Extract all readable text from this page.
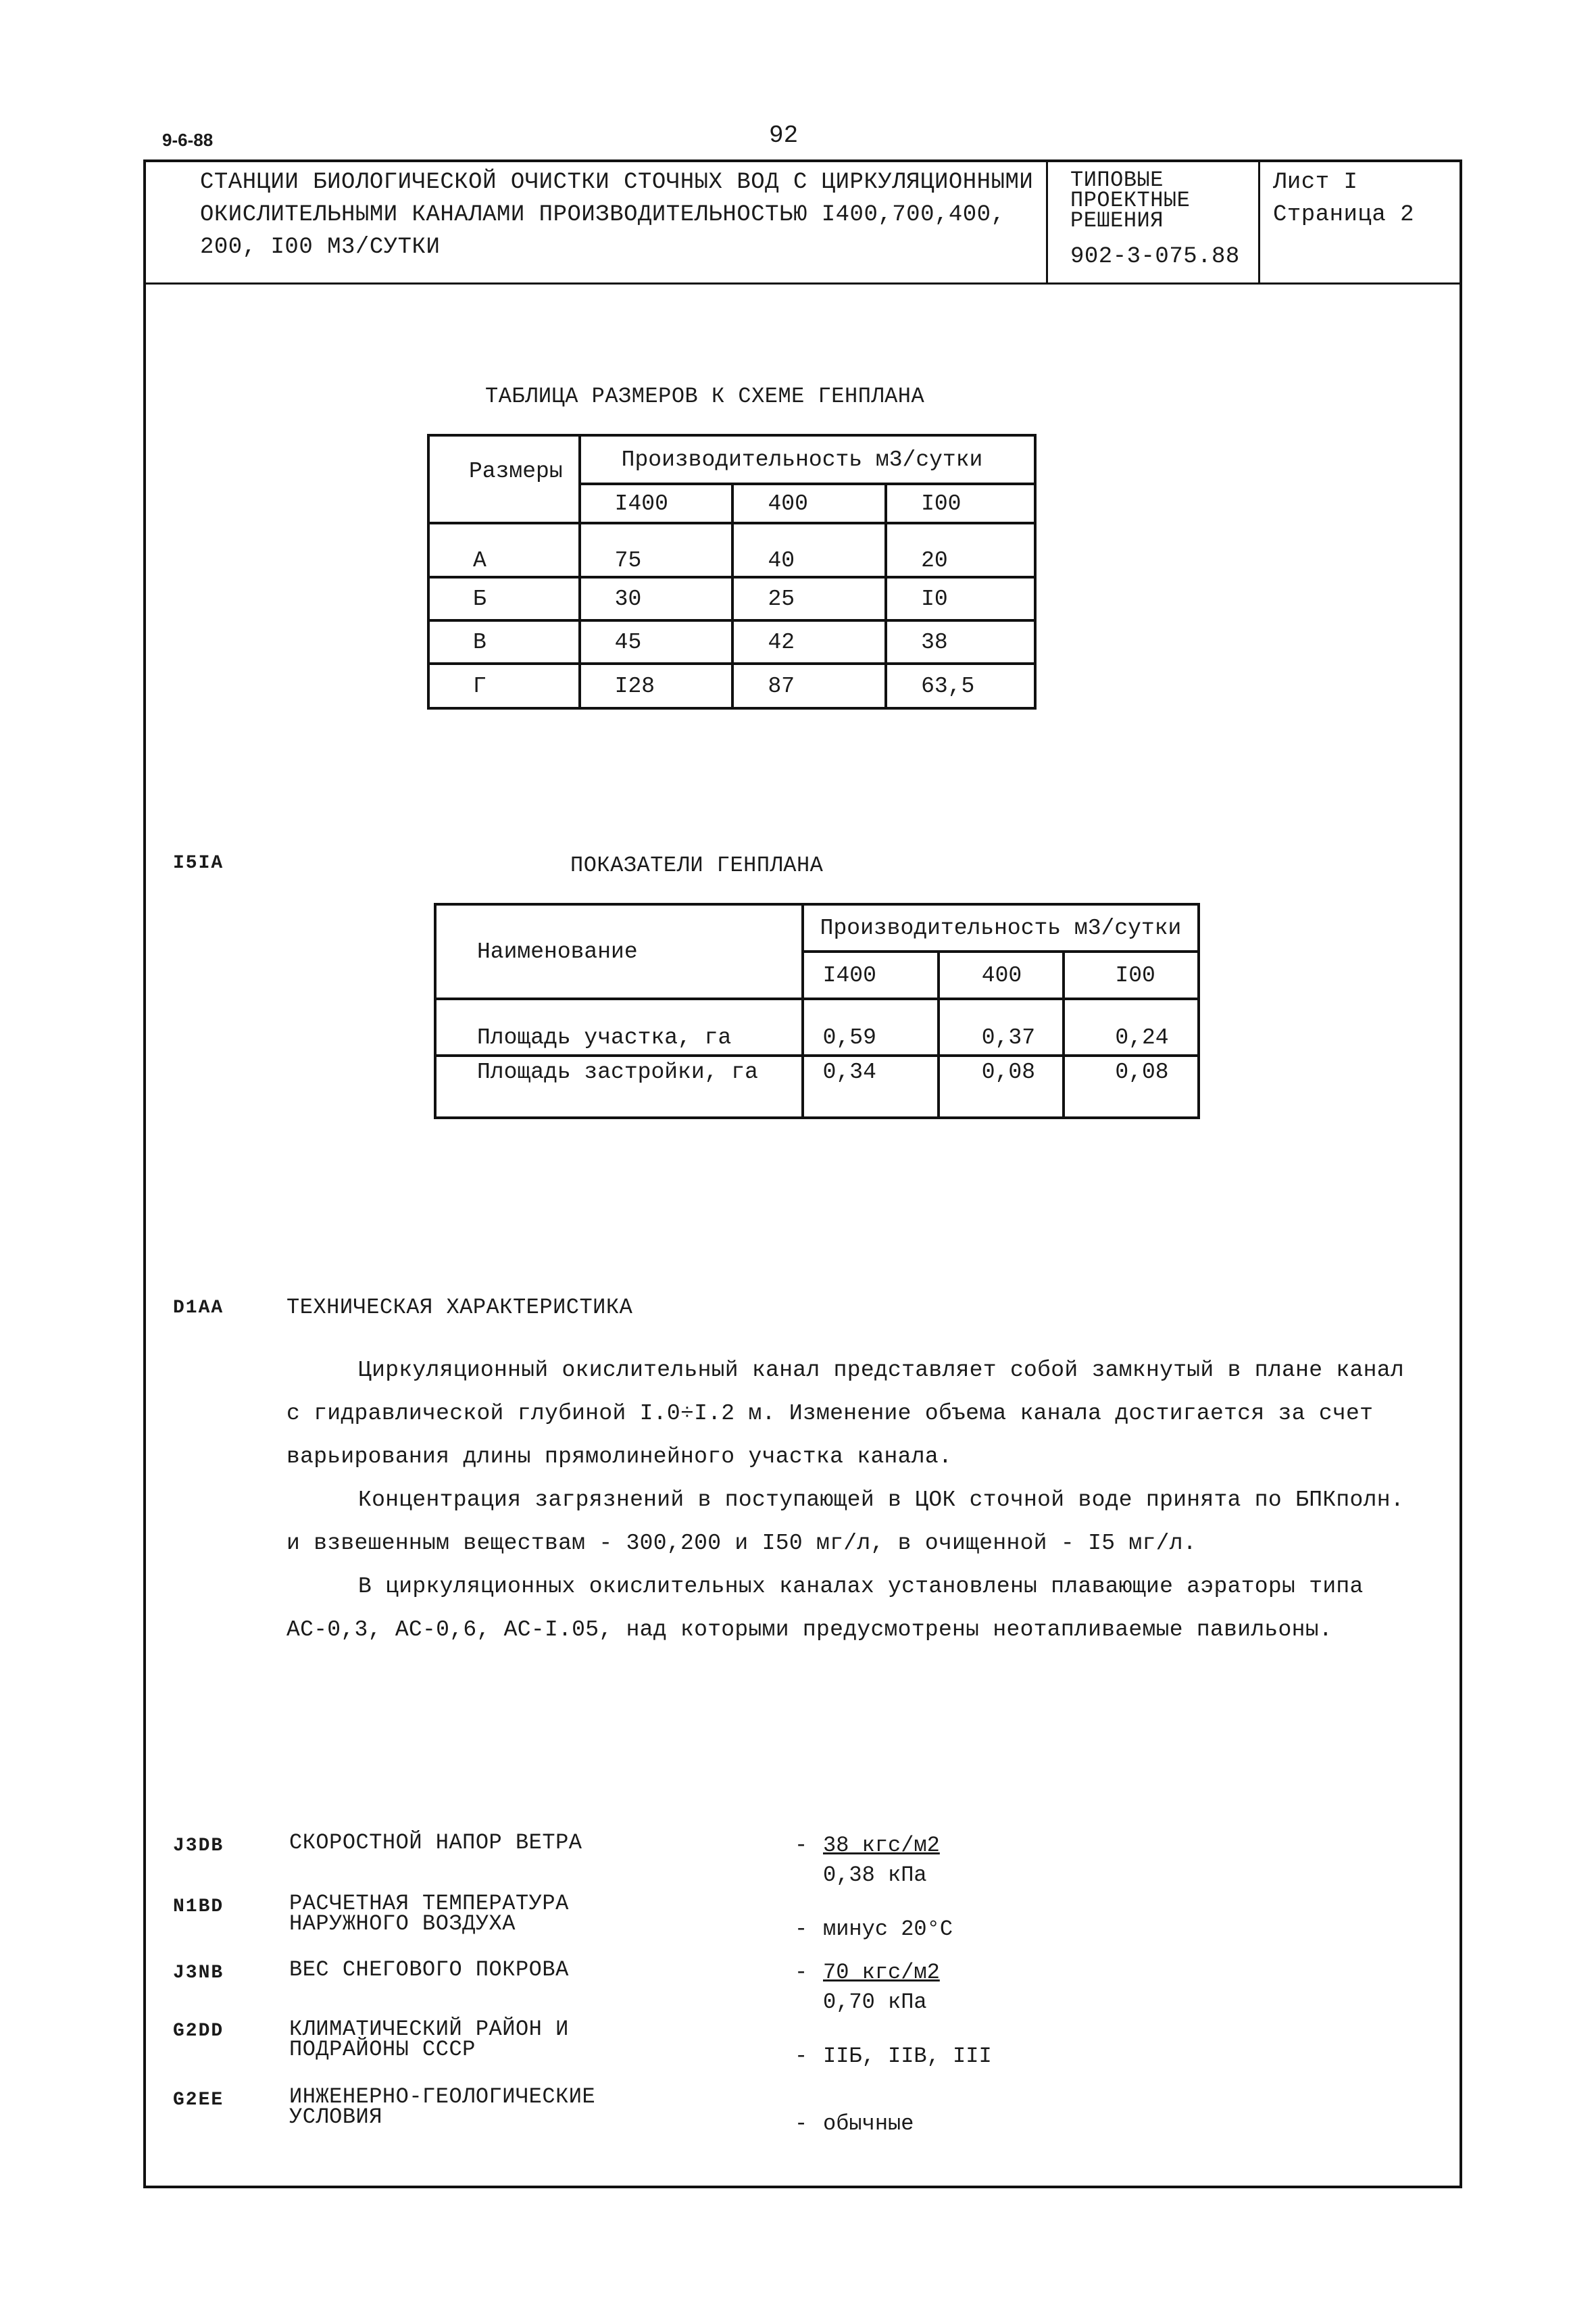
9-6-88	92
СТАНЦИИ БИОЛОГИЧЕСКОЙ ОЧИСТКИ СТОЧНЫХ ВОД С ЦИРКУЛЯЦИОННЫМИ
ОКИСЛИТЕЛЬНЫМИ КАНАЛАМИ ПРОИЗВОДИТЕЛЬНОСТЬЮ I400,700,400,
200, I00 М3/СУТКИ
ТИПОВЫЕ
ПРОЕКТНЫЕ
РЕШЕНИЯ
902-3-075.88
Лист I
Страница 2
ТАБЛИЦА РАЗМЕРОВ К СХЕМЕ ГЕНПЛАНА
Размеры	Производительность м3/сутки		
	I400	400	I00
А	75	40	20
Б	30	25	I0
В	45	42	38
Г	I28	87	63,5
I5IA	ПОКАЗАТЕЛИ ГЕНПЛАНА
Наименование	Производительность м3/сутки		
	I400	400	I00
Площадь участка, га	0,59	0,37	0,24
Площадь застройки, га	0,34	0,08	0,08
D1AA	ТЕХНИЧЕСКАЯ ХАРАКТЕРИСТИКА
Циркуляционный окислительный канал представляет собой замкнутый в плане канал
с гидравлической глубиной I.0÷I.2 м. Изменение объема канала достигается за счет
варьирования длины прямолинейного участка канала.
Концентрация загрязнений в поступающей в ЦОК сточной воде принята по БПКполн.
и взвешенным веществам - 300,200 и I50 мг/л, в очищенной - I5 мг/л.
В циркуляционных окислительных каналах установлены плавающие аэраторы типа
АС-0,3, АС-0,6, АС-I.05, над которыми предусмотрены неотапливаемые павильоны.
J3DB	СКОРОСТНОЙ НАПОР ВЕТРА	- 38 кгс/м2
0,38 кПа
N1BD	РАСЧЕТНАЯ ТЕМПЕРАТУРА
НАРУЖНОГО ВОЗДУХА	- минус 20°С
J3NB	ВЕС СНЕГОВОГО ПОКРОВА	- 70 кгс/м2
0,70 кПа
G2DD	КЛИМАТИЧЕСКИЙ РАЙОН И
ПОДРАЙОНЫ СССР	- IIБ, IIВ, III
G2EE	ИНЖЕНЕРНО-ГЕОЛОГИЧЕСКИЕ
УСЛОВИЯ	- обычные
